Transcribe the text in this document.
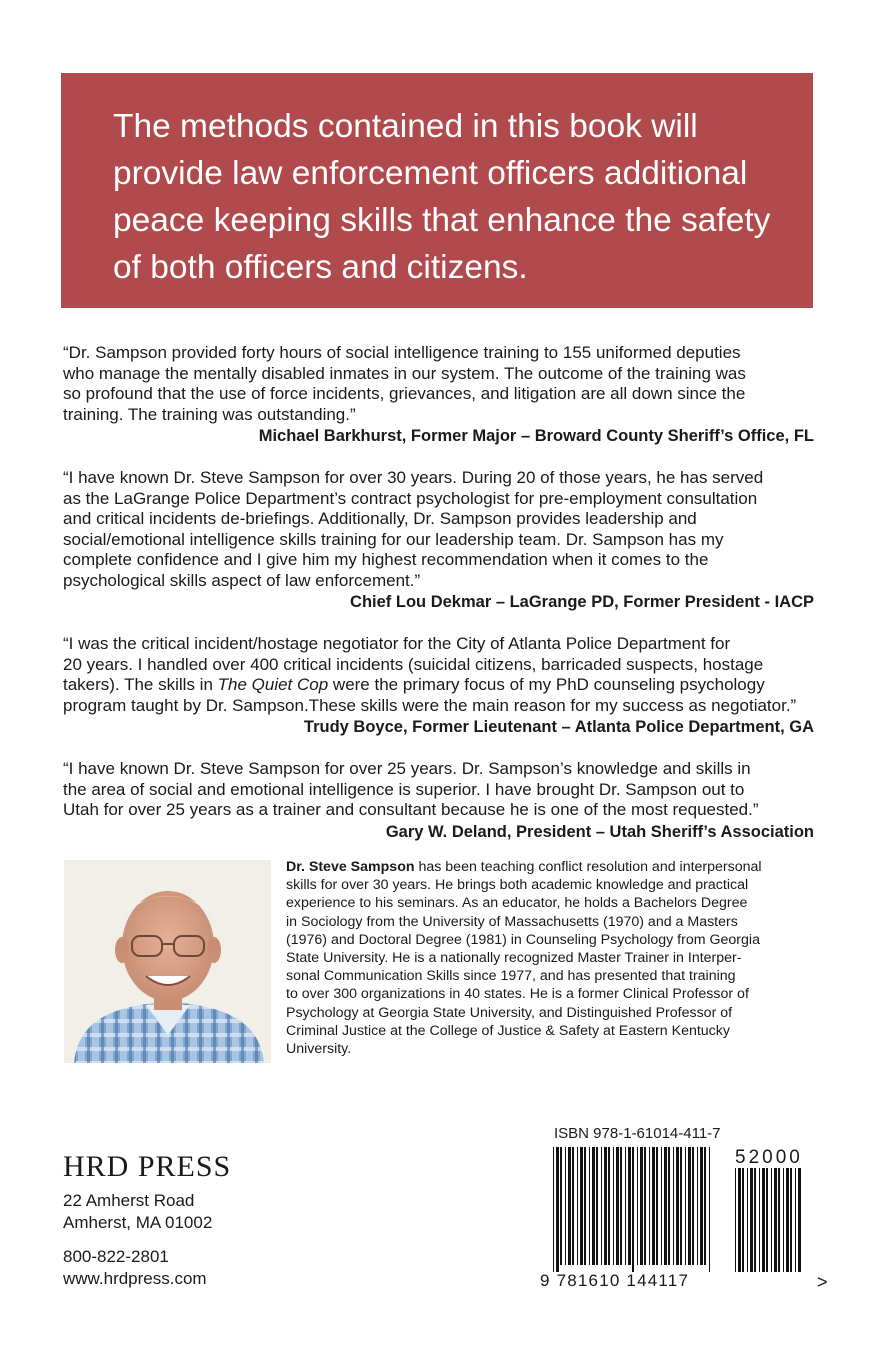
The methods contained in this book will
provide law enforcement officers additional
peace keeping skills that enhance the safety
of both officers and citizens.

“Dr. Sampson provided forty hours of social intelligence training to 155 uniformed deputies
who manage the mentally disabled inmates in our system. The outcome of the training was
so profound that the use of force incidents, grievances, and litigation are all down since the
training. The training was outstanding.”

Michael Barkhurst, Former Major – Broward County Sheriff’s Office, FL

“I have known Dr. Steve Sampson for over 30 years. During 20 of those years, he has served
as the LaGrange Police Department’s contract psychologist for pre-employment consultation
and critical incidents de-briefings. Additionally, Dr. Sampson provides leadership and
social/emotional intelligence skills training for our leadership team. Dr. Sampson has my
complete confidence and I give him my highest recommendation when it comes to the
psychological skills aspect of law enforcement.”

Chief Lou Dekmar – LaGrange PD, Former President - IACP

“I was the critical incident/hostage negotiator for the City of Atlanta Police Department for
20 years. I handled over 400 critical incidents (suicidal citizens, barricaded suspects, hostage
takers). The skills in The Quiet Cop were the primary focus of my PhD counseling psychology
program taught by Dr. Sampson.These skills were the main reason for my success as negotiator.”

Trudy Boyce, Former Lieutenant – Atlanta Police Department, GA

“I have known Dr. Steve Sampson for over 25 years. Dr. Sampson’s knowledge and skills in
the area of social and emotional intelligence is superior. I have brought Dr. Sampson out to
Utah for over 25 years as a trainer and consultant because he is one of the most requested.”

Gary W. Deland, President – Utah Sheriff’s Association

Dr. Steve Sampson has been teaching conflict resolution and interpersonal
skills for over 30 years. He brings both academic knowledge and practical
experience to his seminars. As an educator, he holds a Bachelors Degree
in Sociology from the University of Massachusetts (1970) and a Masters
(1976) and Doctoral Degree (1981) in Counseling Psychology from Georgia
State University. He is a nationally recognized Master Trainer in Interper-
sonal Communication Skills since 1977, and has presented that training
to over 300 organizations in 40 states. He is a former Clinical Professor of
Psychology at Georgia State University, and Distinguished Professor of
Criminal Justice at the College of Justice & Safety at Eastern Kentucky
University.

HRD PRESS

22 Amherst Road

Amherst, MA 01002

800-822-2801

www.hrdpress.com

ISBN 978-1-61014-411-7
52000
9 781610 144117	>
